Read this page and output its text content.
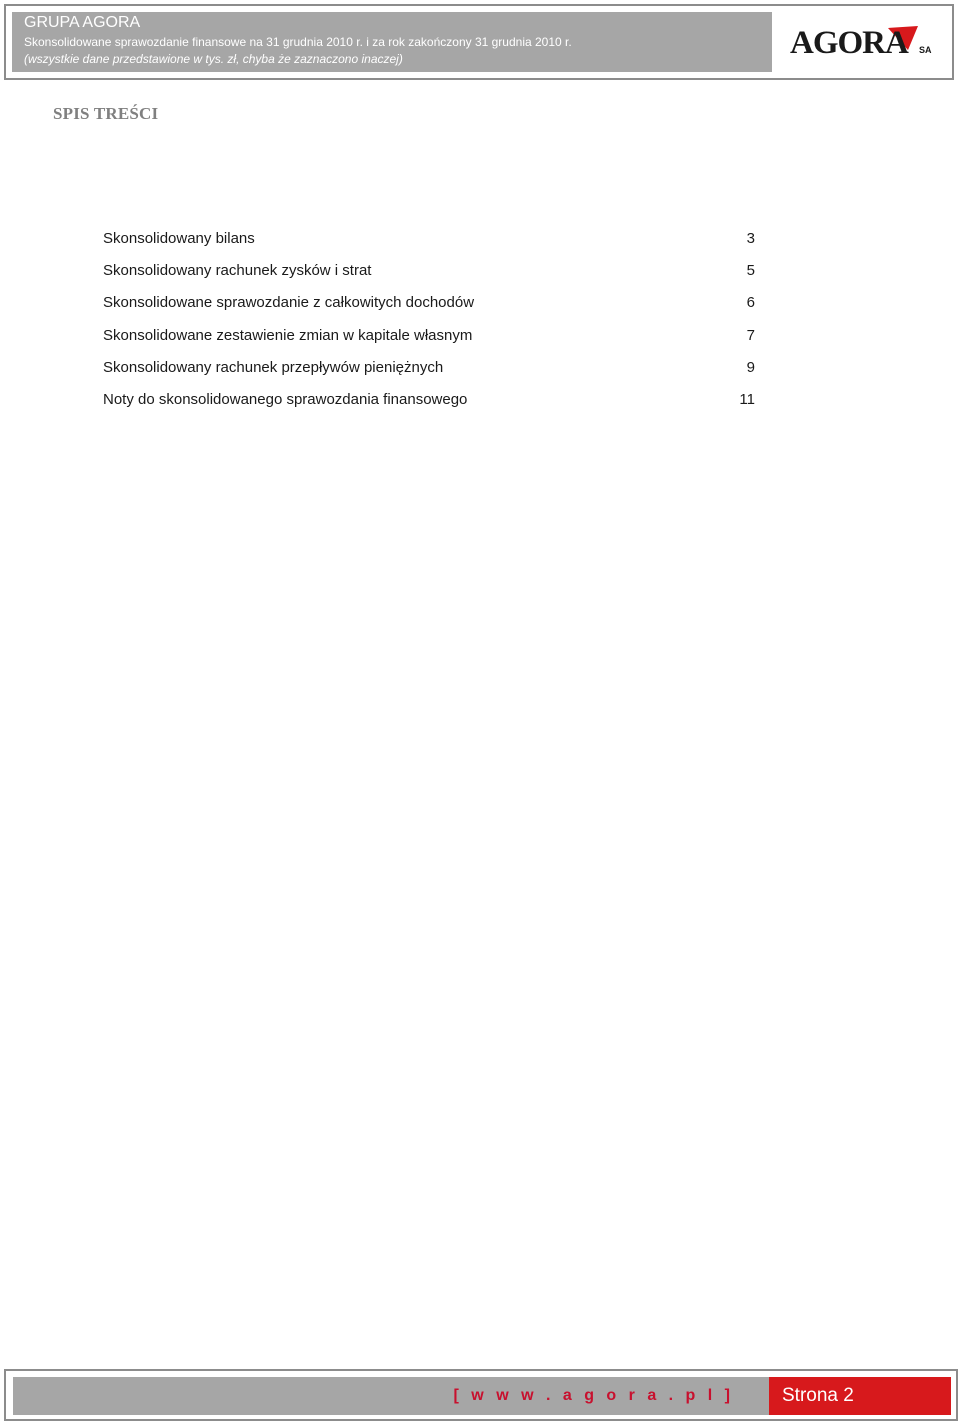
GRUPA AGORA
Skonsolidowane sprawozdanie finansowe na 31 grudnia 2010 r. i za rok zakończony 31 grudnia 2010 r.
(wszystkie dane przedstawione w tys. zł, chyba że zaznaczono inaczej)	AGORA SA
SPIS TREŚCI
Skonsolidowany bilans	3
Skonsolidowany rachunek zysków i strat	5
Skonsolidowane sprawozdanie z całkowitych dochodów	6
Skonsolidowane zestawienie zmian w kapitale własnym	7
Skonsolidowany rachunek przepływów pieniężnych	9
Noty do skonsolidowanego sprawozdania finansowego	11
[ w w w . a g o r a . p l ]	Strona 2
